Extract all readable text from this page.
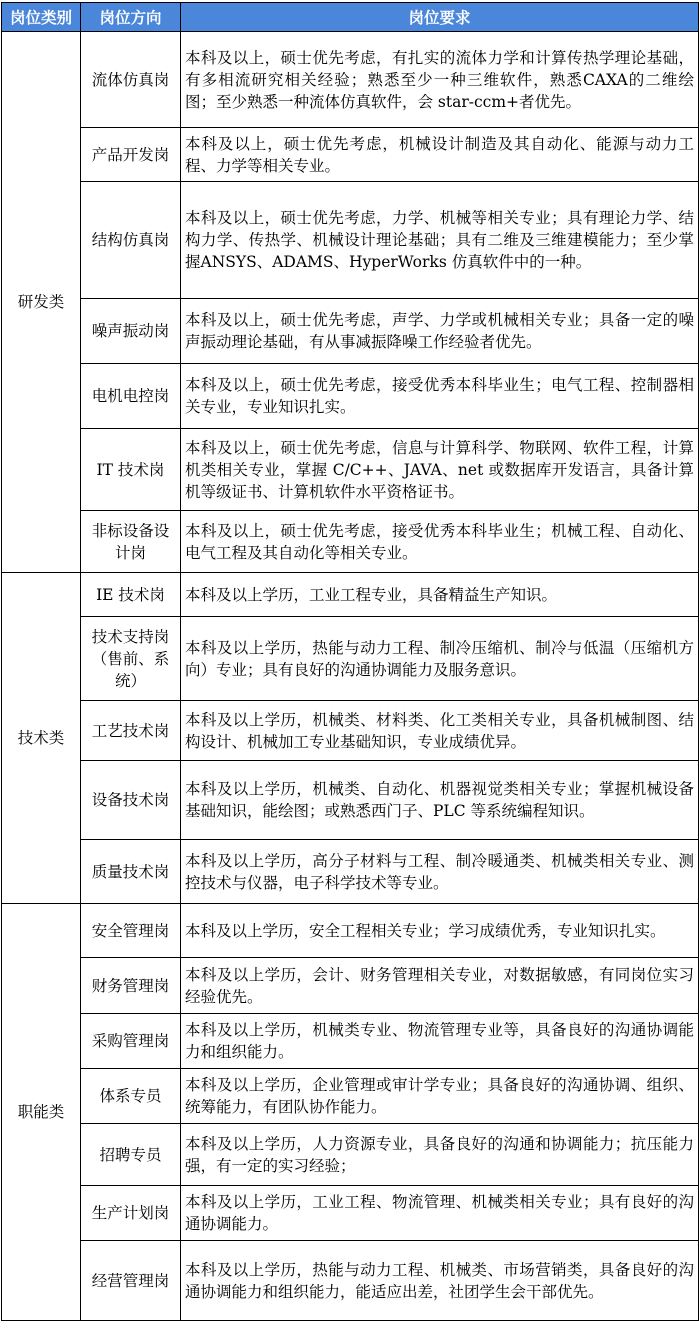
岗位类别	岗位方向	岗位要求
研发类	流体仿真岗	本科及以上，硕士优先考虑，有扎实的流体力学和计算传热学理论基础，有多相流研究相关经验；熟悉至少一种三维软件，熟悉CAXA的二维绘图；至少熟悉一种流体仿真软件，会 star-ccm+者优先。
	产品开发岗	本科及以上，硕士优先考虑，机械设计制造及其自动化、能源与动力工程、力学等相关专业。
	结构仿真岗	本科及以上，硕士优先考虑，力学、机械等相关专业；具有理论力学、结构力学、传热学、机械设计理论基础；具有二维及三维建模能力；至少掌握ANSYS、ADAMS、HyperWorks 仿真软件中的一种。
	噪声振动岗	本科及以上，硕士优先考虑，声学、力学或机械相关专业；具备一定的噪声振动理论基础，有从事减振降噪工作经验者优先。
	电机电控岗	本科及以上，硕士优先考虑，接受优秀本科毕业生；电气工程、控制器相关专业，专业知识扎实。
	IT 技术岗	本科及以上，硕士优先考虑，信息与计算科学、物联网、软件工程，计算机类相关专业，掌握 C/C++、JAVA、net 或数据库开发语言，具备计算机等级证书、计算机软件水平资格证书。
	非标设备设计岗	本科及以上，硕士优先考虑，接受优秀本科毕业生；机械工程、自动化、电气工程及其自动化等相关专业。
技术类	IE 技术岗	本科及以上学历，工业工程专业，具备精益生产知识。
	技术支持岗（售前、系统）	本科及以上学历，热能与动力工程、制冷压缩机、制冷与低温（压缩机方向）专业；具有良好的沟通协调能力及服务意识。
	工艺技术岗	本科及以上学历，机械类、材料类、化工类相关专业，具备机械制图、结构设计、机械加工专业基础知识，专业成绩优异。
	设备技术岗	本科及以上学历，机械类、自动化、机器视觉类相关专业；掌握机械设备基础知识，能绘图；或熟悉西门子、PLC 等系统编程知识。
	质量技术岗	本科及以上学历，高分子材料与工程、制冷暖通类、机械类相关专业、测控技术与仪器，电子科学技术等专业。
职能类	安全管理岗	本科及以上学历，安全工程相关专业；学习成绩优秀，专业知识扎实。
	财务管理岗	本科及以上学历，会计、财务管理相关专业，对数据敏感，有同岗位实习经验优先。
	采购管理岗	本科及以上学历，机械类专业、物流管理专业等，具备良好的沟通协调能力和组织能力。
	体系专员	本科及以上学历，企业管理或审计学专业；具备良好的沟通协调、组织、统筹能力，有团队协作能力。
	招聘专员	本科及以上学历，人力资源专业，具备良好的沟通和协调能力；抗压能力强，有一定的实习经验；
	生产计划岗	本科及以上学历，工业工程、物流管理、机械类相关专业；具有良好的沟通协调能力。
	经营管理岗	本科及以上学历，热能与动力工程、机械类、市场营销类，具备良好的沟通协调能力和组织能力，能适应出差，社团学生会干部优先。
